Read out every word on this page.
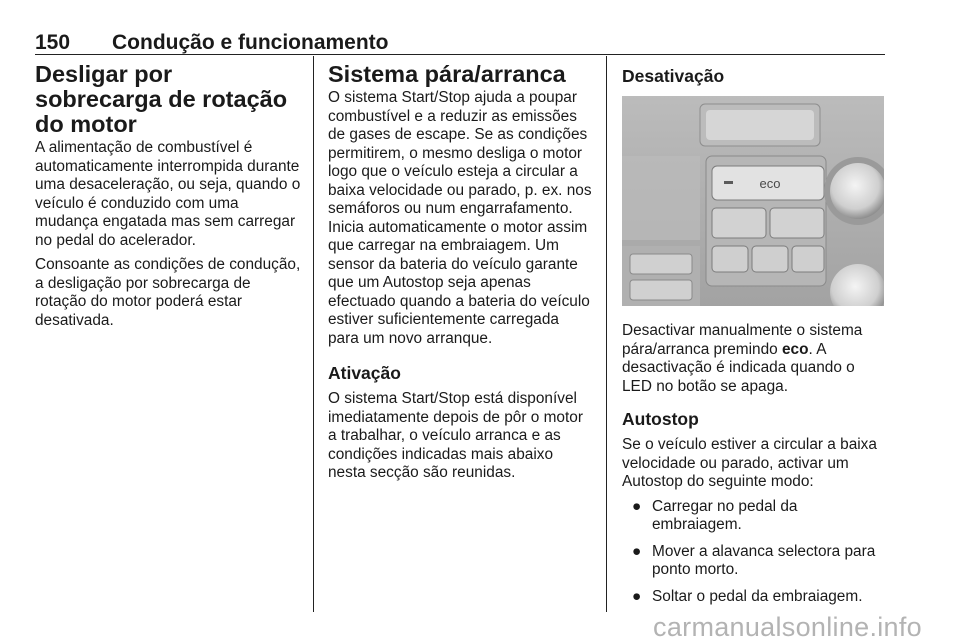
150 Condução e funcionamento
Desligar por sobrecarga de rotação do motor

A alimentação de combustível é automaticamente interrompida durante uma desaceleração, ou seja, quando o veículo é conduzido com uma mudança engatada mas sem carregar no pedal do acelerador.

Consoante as condições de condução, a desligação por sobrecarga de rotação do motor poderá estar desativada.

Sistema pára/arranca

O sistema Start/Stop ajuda a poupar combustível e a reduzir as emissões de gases de escape. Se as condições permitirem, o mesmo desliga o motor logo que o veículo esteja a circular a baixa velocidade ou parado, p. ex. nos semáforos ou num engarrafamento. Inicia automaticamente o motor assim que carregar na embraiagem. Um sensor da bateria do veículo garante que um Autostop seja apenas efectuado quando a bateria do veículo estiver suficientemente carregada para um novo arranque.

Ativação

O sistema Start/Stop está disponível imediatamente depois de pôr o motor a trabalhar, o veículo arranca e as condições indicadas mais abaixo nesta secção são reunidas.

Desativação
eco

Desactivar manualmente o sistema pára/arranca premindo eco. A desactivação é indicada quando o LED no botão se apaga.

Autostop

Se o veículo estiver a circular a baixa velocidade ou parado, activar um Autostop do seguinte modo:

● Carregar no pedal da embraiagem.
● Mover a alavanca selectora para ponto morto.
● Soltar o pedal da embraiagem.
carmanualsonline.info
